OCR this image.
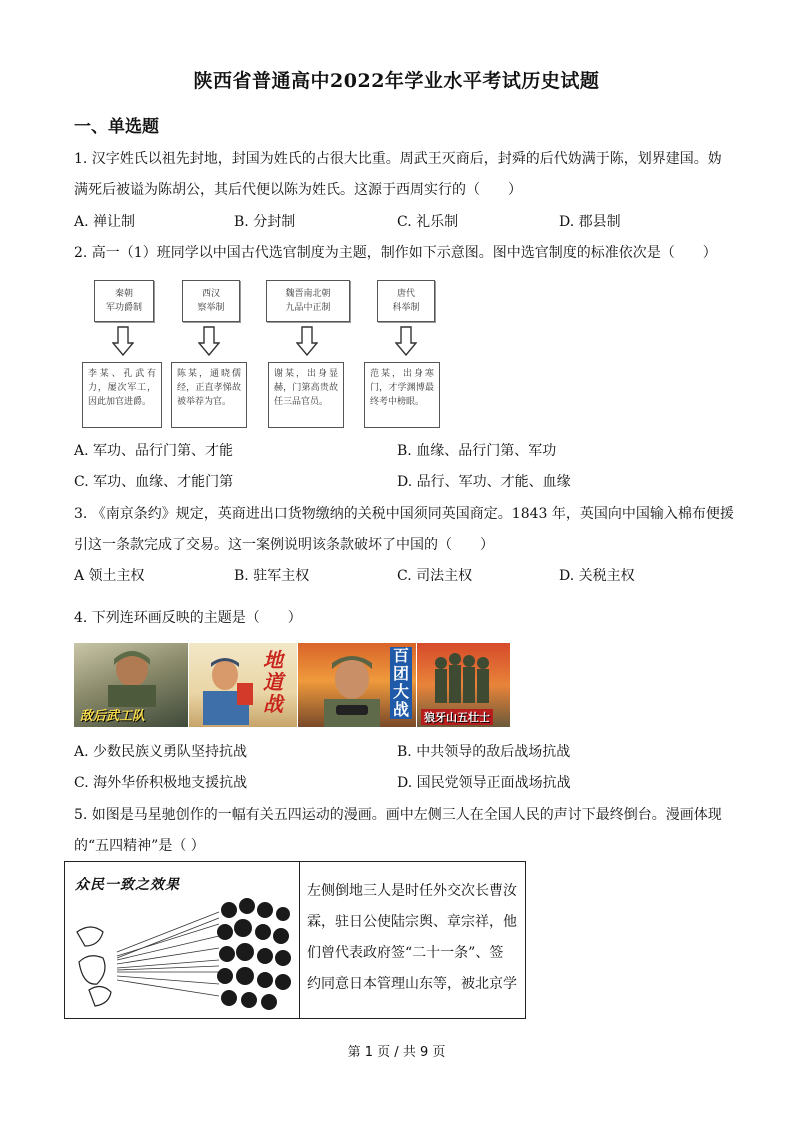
陕西省普通高中2022年学业水平考试历史试题
一、单选题
1. 汉字姓氏以祖先封地，封国为姓氏的占很大比重。周武王灭商后，封舜的后代妫满于陈，划界建国。妫
满死后被谥为陈胡公，其后代便以陈为姓氏。这源于西周实行的（　　）
A. 禅让制	B. 分封制	C. 礼乐制	D. 郡县制
2. 高一（1）班同学以中国古代选官制度为主题，制作如下示意图。图中选官制度的标准依次是（　　）
秦朝
军功爵制
西汉
察举制
魏晋南北朝
九品中正制
唐代
科举制
李某、孔武有力，屡次军工，因此加官进爵。
陈某，通晓儒经，正直孝悌故被举荐为官。
谢某，出身显赫，门第高贵故任三品官员。
范某，出身寒门，才学渊博最终考中榜眼。
A. 军功、品行门第、才能	B. 血缘、品行门第、军功
C. 军功、血缘、才能门第	D. 品行、军功、才能、血缘
3. 《南京条约》规定，英商进出口货物缴纳的关税中国须同英国商定。1843 年，英国向中国输入棉布便援
引这一条款完成了交易。这一案例说明该条款破坏了中国的（　　）
A 领土主权	B. 驻军主权	C. 司法主权	D. 关税主权
4. 下列连环画反映的主题是（　　）
敌后武工队
地道战
百团大战 狼牙山五壮士
A. 少数民族义勇队坚持抗战	B. 中共领导的敌后战场抗战
C. 海外华侨积极地支援抗战	D. 国民党领导正面战场抗战
5. 如图是马星驰创作的一幅有关五四运动的漫画。画中左侧三人在全国人民的声讨下最终倒台。漫画体现
的“五四精神”是（ ）
众民一致之效果	左侧倒地三人是时任外交次长曹汝
霖，驻日公使陆宗舆、章宗祥，他
们曾代表政府签“二十一条”、签
约同意日本管理山东等，被北京学
第 1 页 / 共 9 页
